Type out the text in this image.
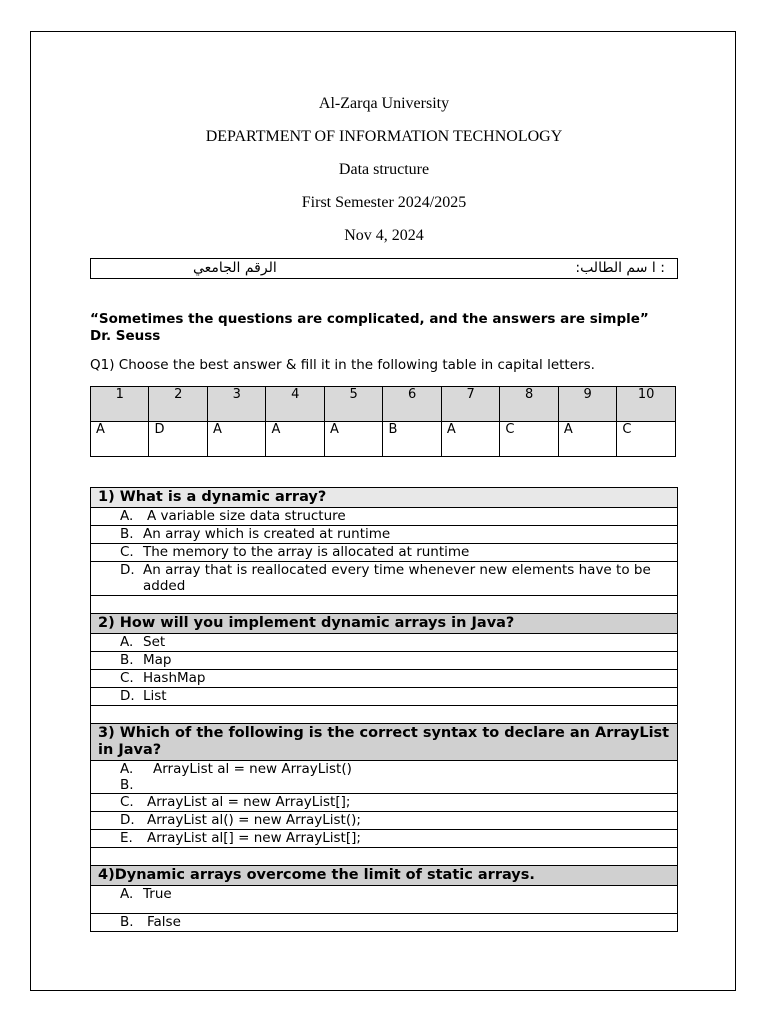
Al-Zarqa University
DEPARTMENT OF INFORMATION TECHNOLOGY
Data structure
First Semester 2024/2025
Nov 4, 2024
الرقم الجامعي	:ا سم الطالب :
“Sometimes the questions are complicated, and the answers are simple”
Dr. Seuss
Q1) Choose the best answer & fill it in the following table in capital letters.
1	2	3	4	5	6	7	8	9	10
A	D	A	A	A	B	A	C	A	C
1) What is a dynamic array?
A. A variable size data structure
B. An array which is created at runtime
C. The memory to the array is allocated at runtime
D. An array that is reallocated every time whenever new elements have to be added
2) How will you implement dynamic arrays in Java?
A. Set
B. Map
C. HashMap
D. List
3) Which of the following is the correct syntax to declare an ArrayList in Java?
A. ArrayList al = new ArrayList()
B.

C. ArrayList al = new ArrayList[];
D. ArrayList al() = new ArrayList();
E. ArrayList al[] = new ArrayList[];
4)Dynamic arrays overcome the limit of static arrays.
A. True
B. False
